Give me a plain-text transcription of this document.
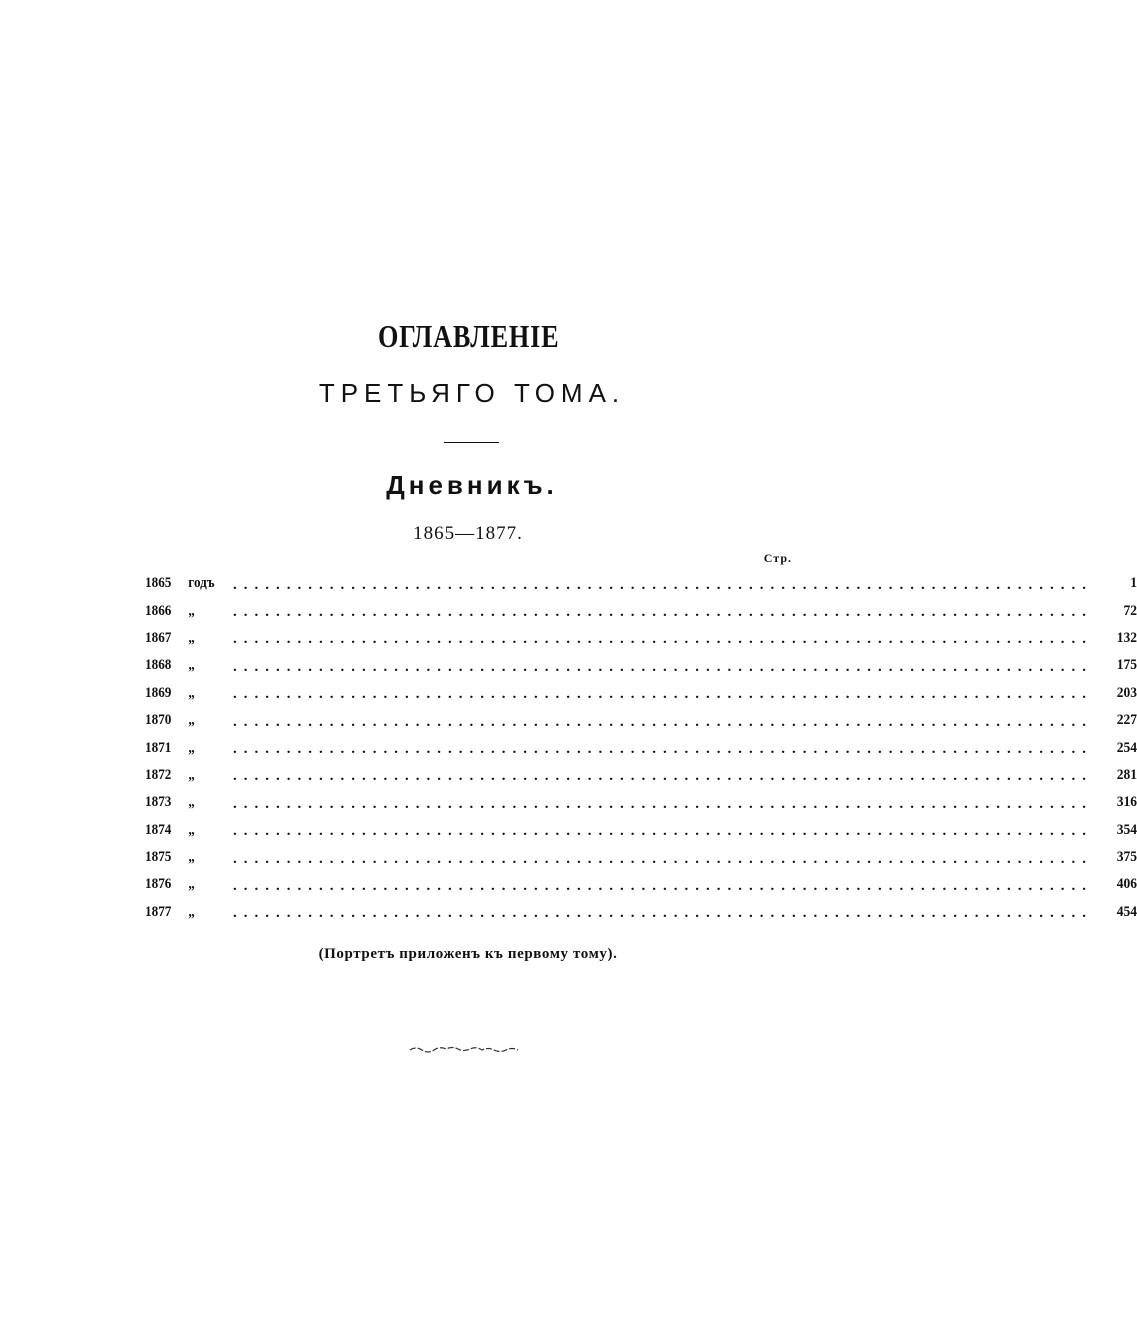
ОГЛАВЛЕНІЕ
ТРЕТЬЯГО ТОМА.
Дневникъ.
1865—1877.
Стр.
1865	годъ	................................................................................	1
1866	„	................................................................................	72
1867	„	................................................................................	132
1868	„	................................................................................	175
1869	„	................................................................................	203
1870	„	................................................................................	227
1871	„	................................................................................	254
1872	„	................................................................................	281
1873	„	................................................................................	316
1874	„	................................................................................	354
1875	„	................................................................................	375
1876	„	................................................................................	406
1877	„	................................................................................	454
(Портретъ приложенъ къ первому тому).
